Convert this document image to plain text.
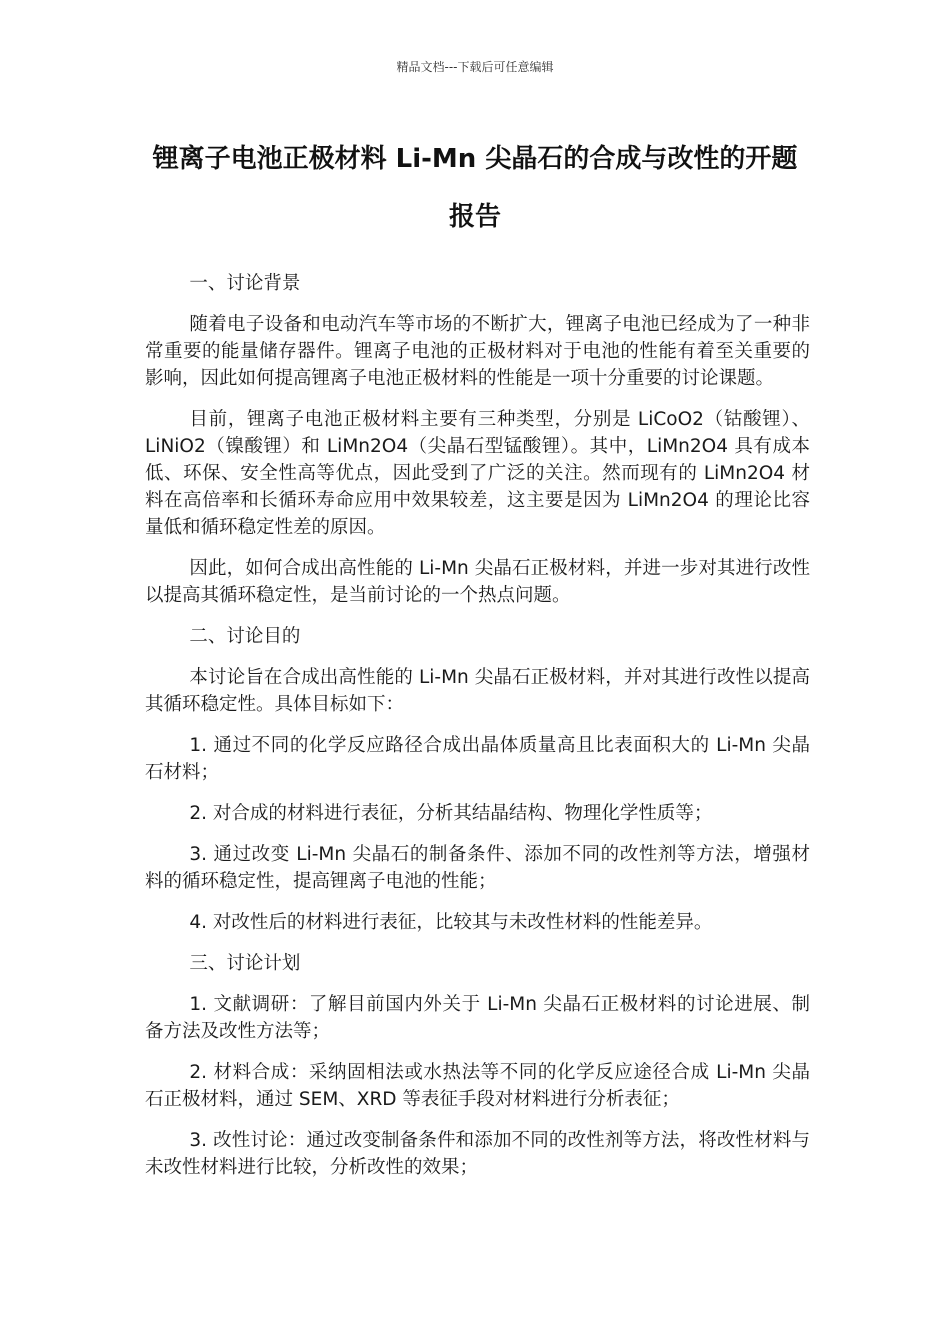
精品文档---下载后可任意编辑
锂离子电池正极材料 Li-Mn 尖晶石的合成与改性的开题报告
一、讨论背景
随着电子设备和电动汽车等市场的不断扩大，锂离子电池已经成为了一种非常重要的能量储存器件。锂离子电池的正极材料对于电池的性能有着至关重要的影响，因此如何提高锂离子电池正极材料的性能是一项十分重要的讨论课题。
目前，锂离子电池正极材料主要有三种类型，分别是 LiCoO2（钴酸锂）、LiNiO2（镍酸锂）和 LiMn2O4（尖晶石型锰酸锂）。其中，LiMn2O4 具有成本低、环保、安全性高等优点，因此受到了广泛的关注。然而现有的 LiMn2O4 材料在高倍率和长循环寿命应用中效果较差，这主要是因为 LiMn2O4 的理论比容量低和循环稳定性差的原因。
因此，如何合成出高性能的 Li-Mn 尖晶石正极材料，并进一步对其进行改性以提高其循环稳定性，是当前讨论的一个热点问题。
二、讨论目的
本讨论旨在合成出高性能的 Li-Mn 尖晶石正极材料，并对其进行改性以提高其循环稳定性。具体目标如下：
1. 通过不同的化学反应路径合成出晶体质量高且比表面积大的 Li-Mn 尖晶石材料；
2. 对合成的材料进行表征，分析其结晶结构、物理化学性质等；
3. 通过改变 Li-Mn 尖晶石的制备条件、添加不同的改性剂等方法，增强材料的循环稳定性，提高锂离子电池的性能；
4. 对改性后的材料进行表征，比较其与未改性材料的性能差异。
三、讨论计划
1. 文献调研：了解目前国内外关于 Li-Mn 尖晶石正极材料的讨论进展、制备方法及改性方法等；
2. 材料合成：采纳固相法或水热法等不同的化学反应途径合成 Li-Mn 尖晶石正极材料，通过 SEM、XRD 等表征手段对材料进行分析表征；
3. 改性讨论：通过改变制备条件和添加不同的改性剂等方法，将改性材料与未改性材料进行比较，分析改性的效果；
